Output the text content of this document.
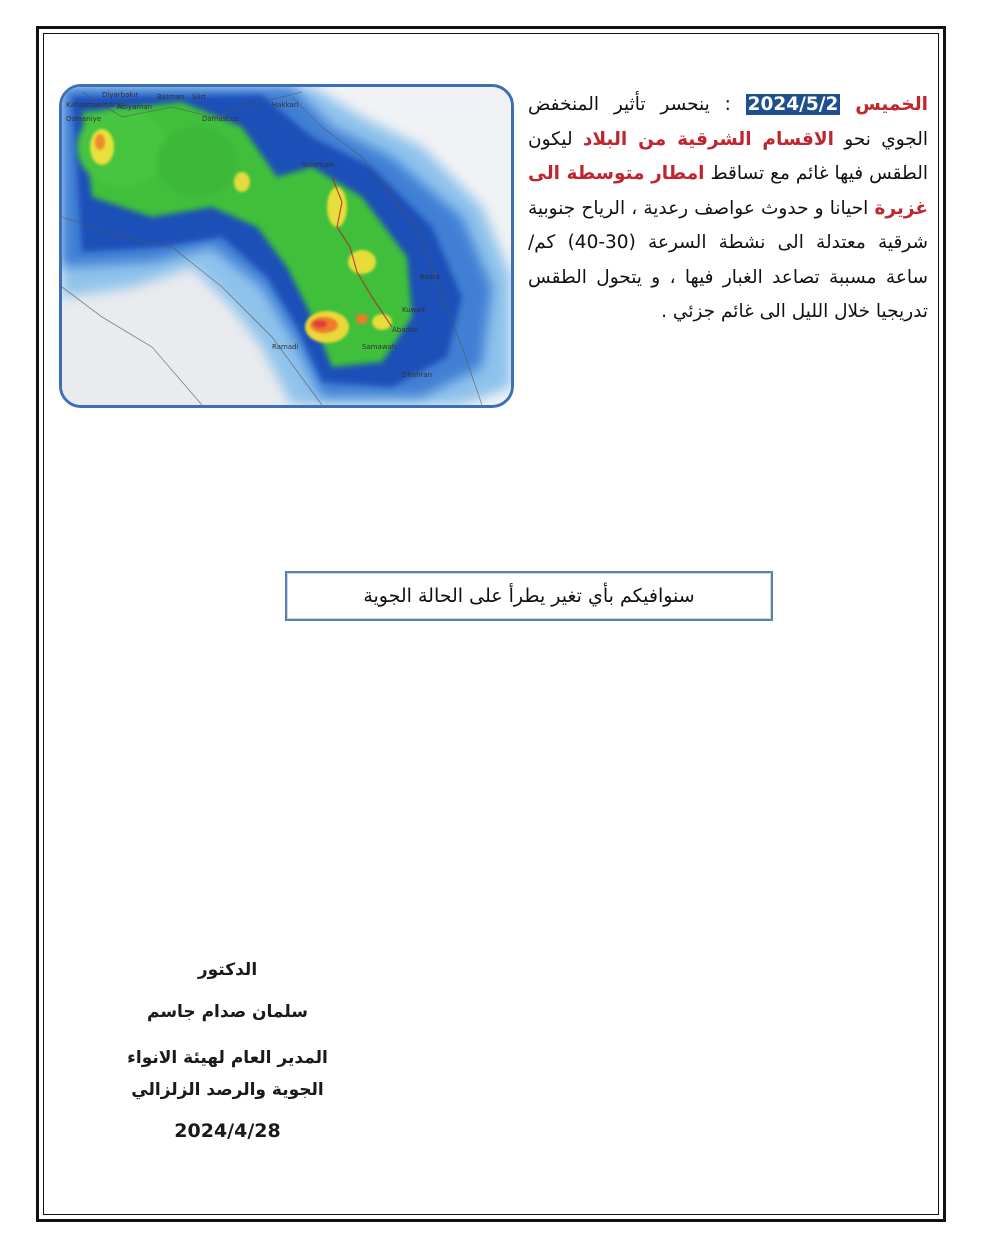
Diyarbakır	Batman Siirt
Hakkari
Kahramanmaraş
Adıyaman
Osmaniye	Damascus
Sulemani
Ramadi
Dhahran
Basra
Samawah
Kuwait
Abadan
الخميس 2024/5/2 : ينحسر تأثير المنخفض الجوي نحو الاقسام الشرقية من البلاد ليكون الطقس فيها غائم مع تساقط امطار متوسطة الى غزيرة احيانا و حدوث عواصف رعدية ، الرياح جنوبية شرقية معتدلة الى نشطة السرعة (30-40) كم/ساعة مسببة تصاعد الغبار فيها ، و يتحول الطقس تدريجيا خلال الليل الى غائم جزئي .
سنوافيكم بأي تغير يطرأ على الحالة الجوية
الدكتور
سلمان صدام جاسم
المدير العام لهيئة الانواء
الجوية والرصد الزلزالي
2024/4/28
